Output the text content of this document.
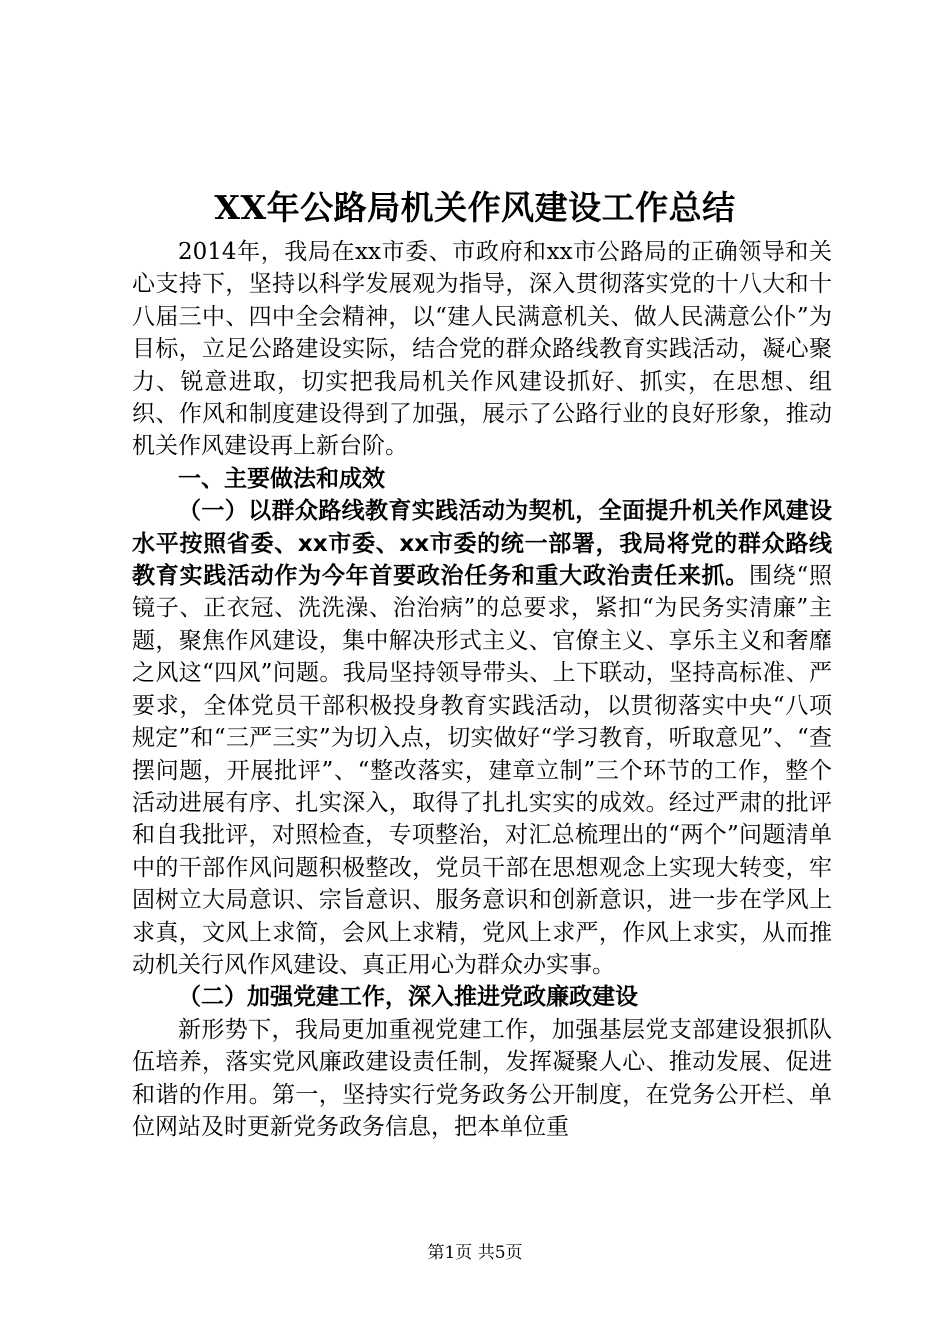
XX年公路局机关作风建设工作总结

2014年，我局在xx市委、市政府和xx市公路局的正确领导和关心支持下，坚持以科学发展观为指导，深入贯彻落实党的十八大和十八届三中、四中全会精神，以“建人民满意机关、做人民满意公仆”为目标，立足公路建设实际，结合党的群众路线教育实践活动，凝心聚力、锐意进取，切实把我局机关作风建设抓好、抓实，在思想、组织、作风和制度建设得到了加强，展示了公路行业的良好形象，推动机关作风建设再上新台阶。

一、主要做法和成效

（一）以群众路线教育实践活动为契机，全面提升机关作风建设水平按照省委、xx市委、xx市委的统一部署，我局将党的群众路线教育实践活动作为今年首要政治任务和重大政治责任来抓。围绕“照镜子、正衣冠、洗洗澡、治治病”的总要求，紧扣“为民务实清廉”主题，聚焦作风建设，集中解决形式主义、官僚主义、享乐主义和奢靡之风这“四风”问题。我局坚持领导带头、上下联动，坚持高标准、严要求，全体党员干部积极投身教育实践活动，以贯彻落实中央“八项规定”和“三严三实”为切入点，切实做好“学习教育，听取意见”、“查摆问题，开展批评”、“整改落实，建章立制”三个环节的工作，整个活动进展有序、扎实深入，取得了扎扎实实的成效。经过严肃的批评和自我批评，对照检查，专项整治，对汇总梳理出的“两个”问题清单中的干部作风问题积极整改，党员干部在思想观念上实现大转变，牢固树立大局意识、宗旨意识、服务意识和创新意识，进一步在学风上求真，文风上求简，会风上求精，党风上求严，作风上求实，从而推动机关行风作风建设、真正用心为群众办实事。

（二）加强党建工作，深入推进党政廉政建设

新形势下，我局更加重视党建工作，加强基层党支部建设狠抓队伍培养，落实党风廉政建设责任制，发挥凝聚人心、推动发展、促进和谐的作用。第一，坚持实行党务政务公开制度，在党务公开栏、单位网站及时更新党务政务信息，把本单位重

第1页 共5页
